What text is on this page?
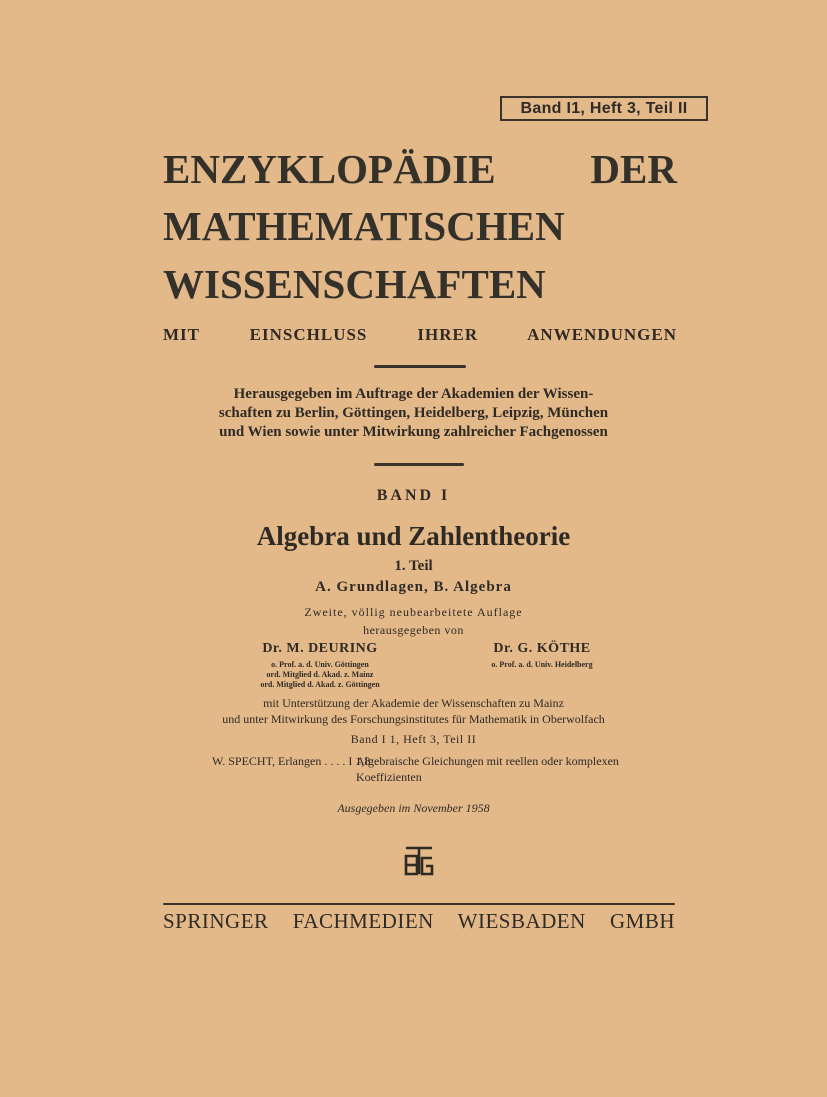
Band I1, Heft 3, Teil II
ENZYKLOPÄDIE DER
MATHEMATISCHEN
WISSENSCHAFTEN
MIT EINSCHLUSS IHRER ANWENDUNGEN
Herausgegeben im Auftrage der Akademien der Wissen-
schaften zu Berlin, Göttingen, Heidelberg, Leipzig, München
und Wien sowie unter Mitwirkung zahlreicher Fachgenossen
BAND I
Algebra und Zahlentheorie
1. Teil
A. Grundlagen, B. Algebra
Zweite, völlig neubearbeitete Auflage
herausgegeben von
Dr. M. DEURING
o. Prof. a. d. Univ. Göttingen
ord. Mitglied d. Akad. z. Mainz
ord. Mitglied d. Akad. z. Göttingen
Dr. G. KÖTHE
o. Prof. a. d. Univ. Heidelberg
mit Unterstützung der Akademie der Wissenschaften zu Mainz
und unter Mitwirkung des Forschungsinstitutes für Mathematik in Oberwolfach
Band I 1, Heft 3, Teil II
W. SPECHT, Erlangen . . . . I 1,8:
Algebraische Gleichungen mit reellen oder komplexen Koeffizienten
Ausgegeben im November 1958
SPRINGER FACHMEDIEN WIESBADEN GMBH
